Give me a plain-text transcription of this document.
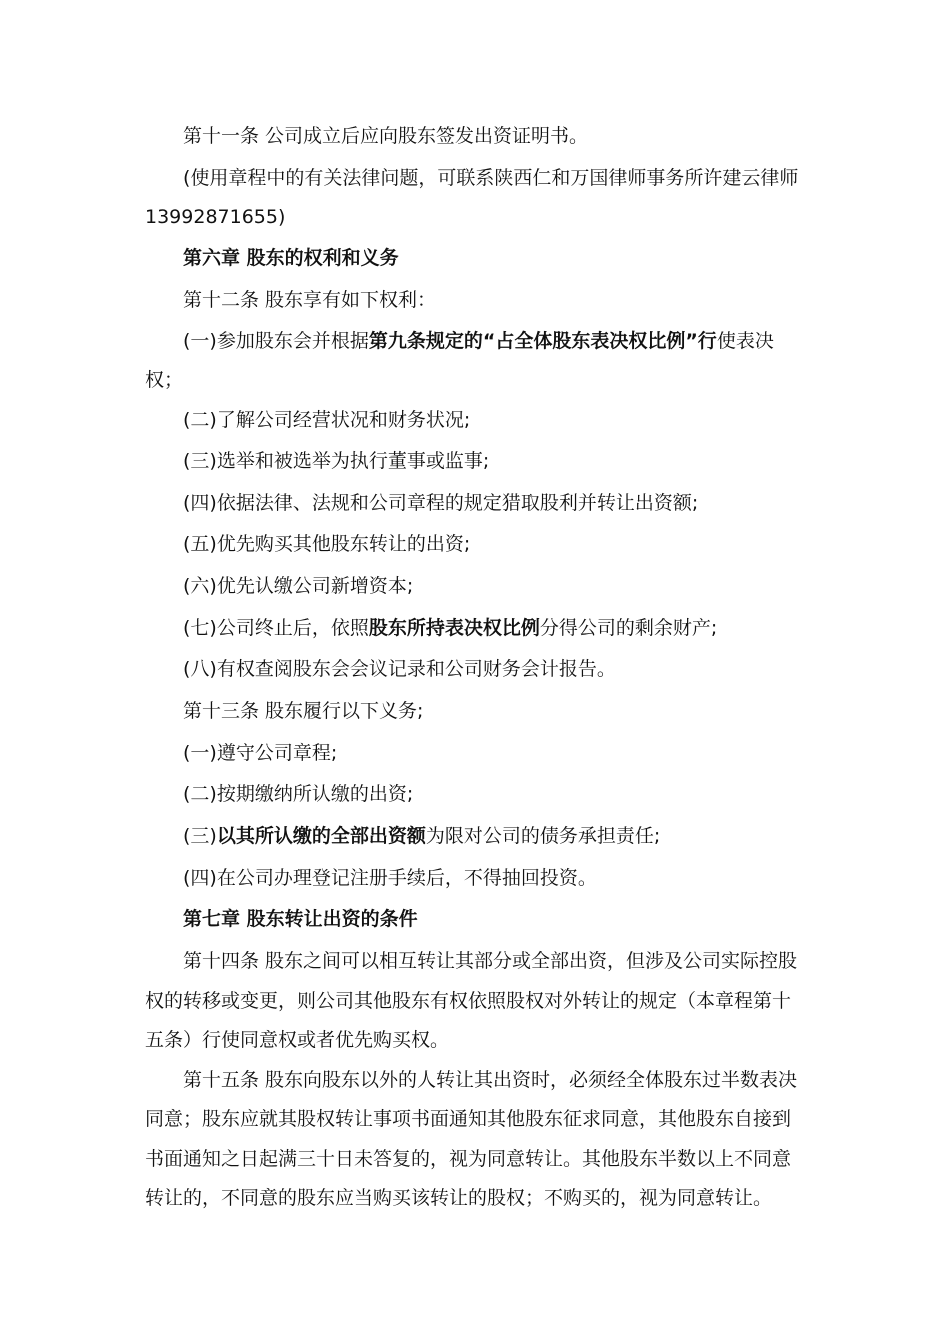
第十一条 公司成立后应向股东签发出资证明书。
(使用章程中的有关法律问题，可联系陕西仁和万国律师事务所许建云律师
13992871655)
第六章 股东的权利和义务
第十二条 股东享有如下权利：
(一)参加股东会并根据第九条规定的“占全体股东表决权比例”行使表决
权；
(二)了解公司经营状况和财务状况;
(三)选举和被选举为执行董事或监事;
(四)依据法律、法规和公司章程的规定猎取股利并转让出资额;
(五)优先购买其他股东转让的出资;
(六)优先认缴公司新增资本;
(七)公司终止后，依照股东所持表决权比例分得公司的剩余财产;
(八)有权查阅股东会会议记录和公司财务会计报告。
第十三条 股东履行以下义务;
(一)遵守公司章程;
(二)按期缴纳所认缴的出资;
(三)以其所认缴的全部出资额为限对公司的债务承担责任;
(四)在公司办理登记注册手续后，不得抽回投资。
第七章 股东转让出资的条件
第十四条 股东之间可以相互转让其部分或全部出资，但涉及公司实际控股
权的转移或变更，则公司其他股东有权依照股权对外转让的规定（本章程第十
五条）行使同意权或者优先购买权。
第十五条 股东向股东以外的人转让其出资时，必须经全体股东过半数表决
同意；股东应就其股权转让事项书面通知其他股东征求同意，其他股东自接到
书面通知之日起满三十日未答复的，视为同意转让。其他股东半数以上不同意
转让的，不同意的股东应当购买该转让的股权；不购买的，视为同意转让。
